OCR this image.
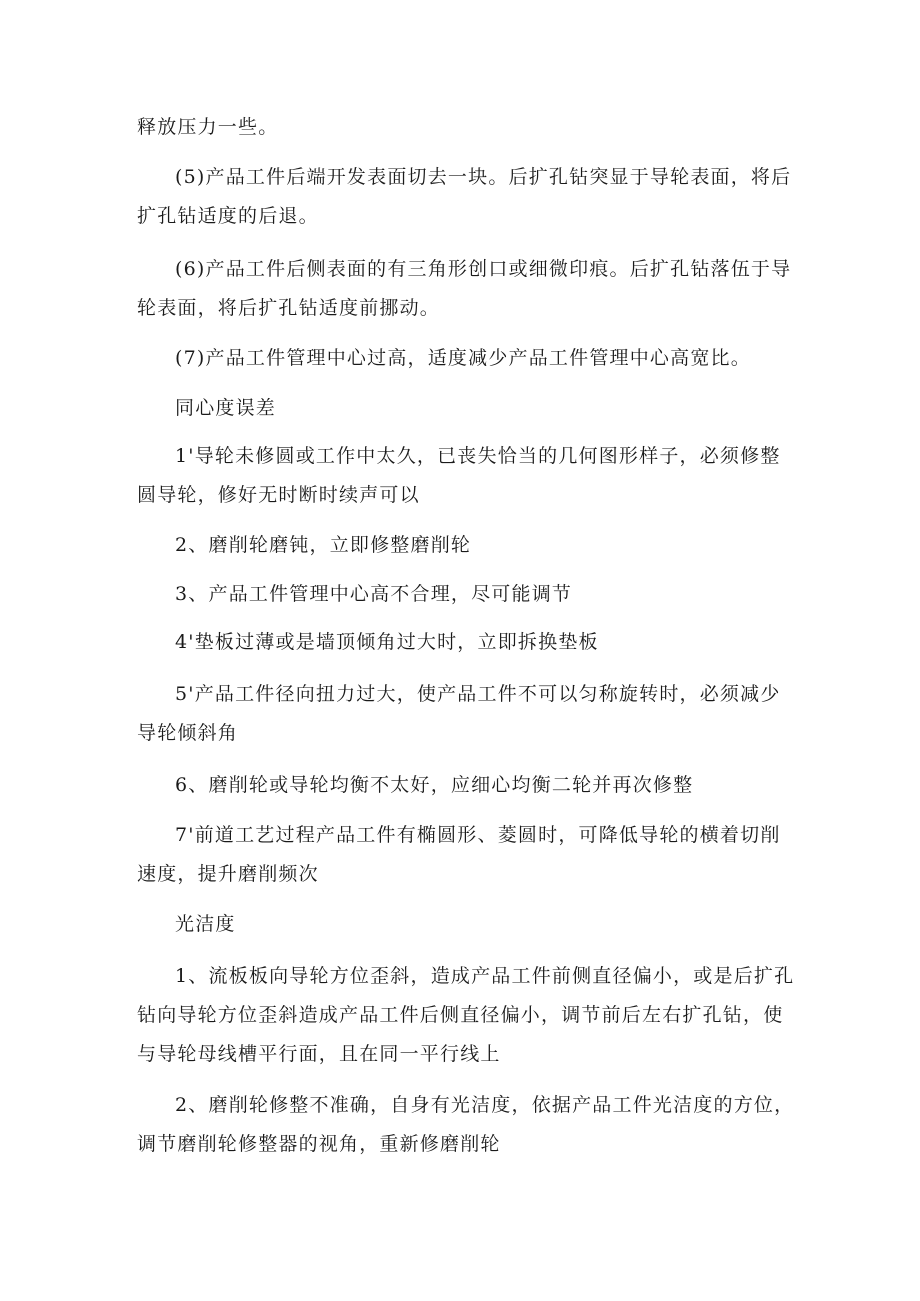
释放压力一些。

(5)产品工件后端开发表面切去一块。后扩孔钻突显于导轮表面，将后扩孔钻适度的后退。

(6)产品工件后侧表面的有三角形创口或细微印痕。后扩孔钻落伍于导轮表面，将后扩孔钻适度前挪动。

(7)产品工件管理中心过高，适度减少产品工件管理中心高宽比。

同心度误差

1'导轮未修圆或工作中太久，已丧失恰当的几何图形样子，必须修整圆导轮，修好无时断时续声可以

2、磨削轮磨钝，立即修整磨削轮

3、产品工件管理中心高不合理，尽可能调节

4'垫板过薄或是墙顶倾角过大时，立即拆换垫板

5'产品工件径向扭力过大，使产品工件不可以匀称旋转时，必须减少导轮倾斜角

6、磨削轮或导轮均衡不太好，应细心均衡二轮并再次修整

7'前道工艺过程产品工件有椭圆形、菱圆时，可降低导轮的横着切削速度，提升磨削频次

光洁度

1、流板板向导轮方位歪斜，造成产品工件前侧直径偏小，或是后扩孔钻向导轮方位歪斜造成产品工件后侧直径偏小，调节前后左右扩孔钻，使与导轮母线槽平行面，且在同一平行线上

2、磨削轮修整不准确，自身有光洁度，依据产品工件光洁度的方位，调节磨削轮修整器的视角，重新修磨削轮
